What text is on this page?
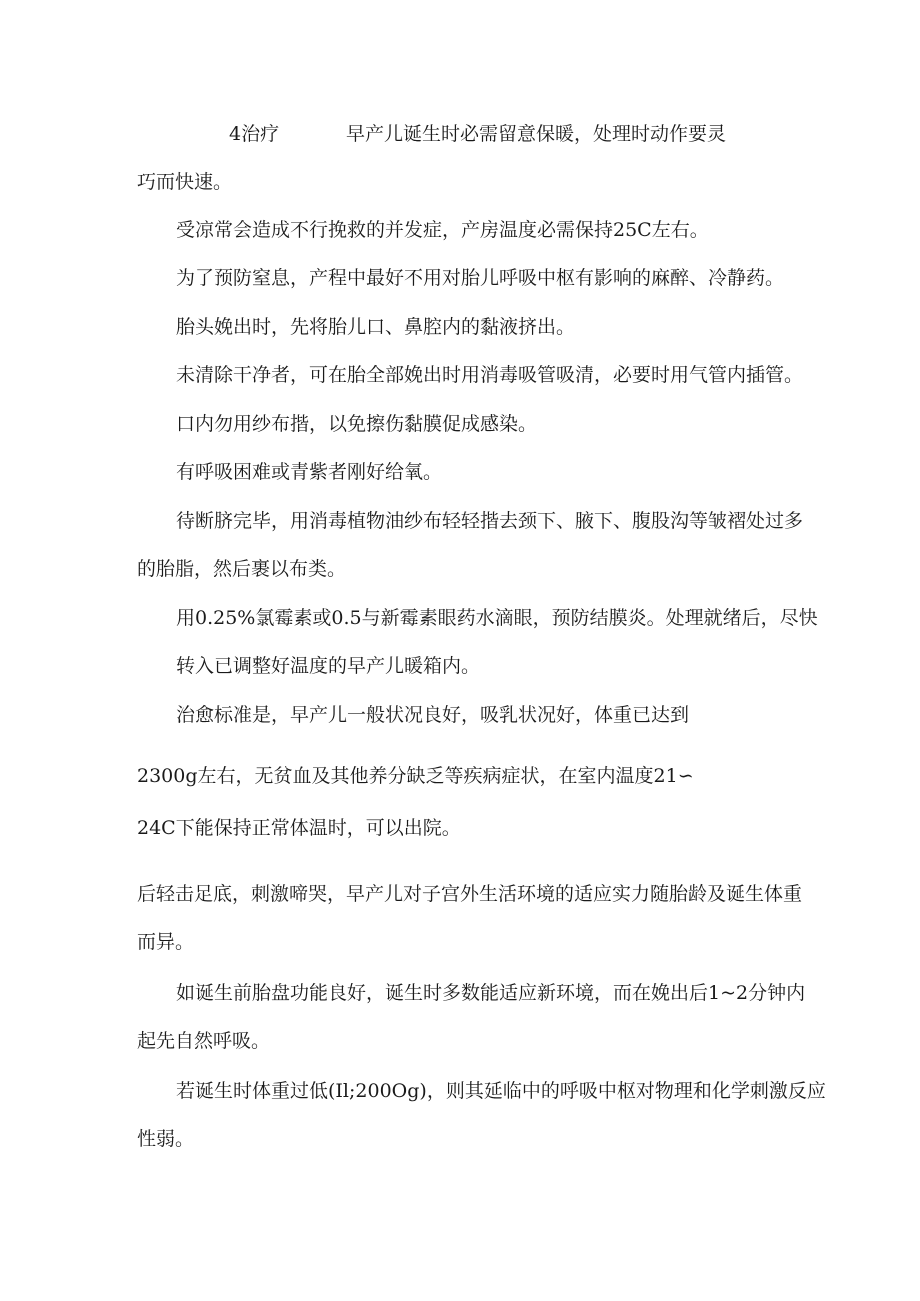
4治疗	早产儿诞生时必需留意保暖，处理时动作要灵

巧而快速。

受凉常会造成不行挽救的并发症，产房温度必需保持25C左右。

为了预防窒息，产程中最好不用对胎儿呼吸中枢有影响的麻醉、冷静药。

胎头娩出时，先将胎儿口、鼻腔内的黏液挤出。

未清除干净者，可在胎全部娩出时用消毒吸管吸清，必要时用气管内插管。

口内勿用纱布揩，以免擦伤黏膜促成感染。

有呼吸困难或青紫者刚好给氧。

待断脐完毕，用消毒植物油纱布轻轻揩去颈下、腋下、腹股沟等皱褶处过多

的胎脂，然后裹以布类。

用0.25%氯霉素或0.5与新霉素眼药水滴眼，预防结膜炎。处理就绪后，尽快

转入已调整好温度的早产儿暖箱内。

治愈标准是，早产儿一般状况良好，吸乳状况好，体重已达到

2300g左右，无贫血及其他养分缺乏等疾病症状，在室内温度21∽

24C下能保持正常体温时，可以出院。

后轻击足底，刺激啼哭，早产儿对子宫外生活环境的适应实力随胎龄及诞生体重

而异。

如诞生前胎盘功能良好，诞生时多数能适应新环境，而在娩出后1~2分钟内

起先自然呼吸。

若诞生时体重过低(Il;200Og)，则其延临中的呼吸中枢对物理和化学刺激反应

性弱。
